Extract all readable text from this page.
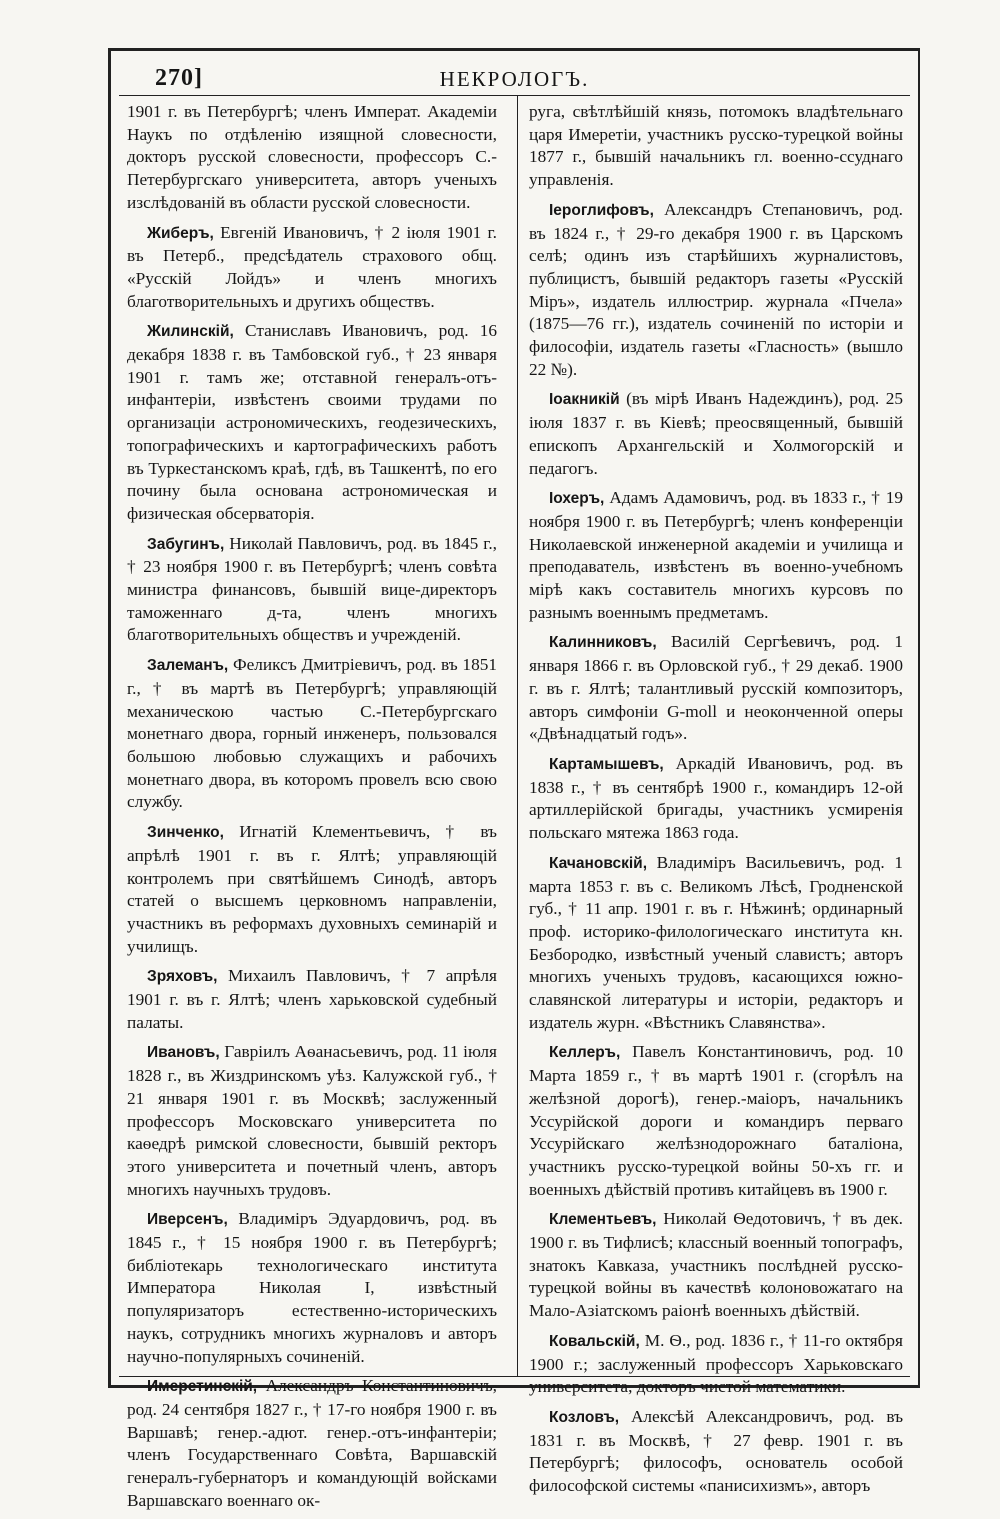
270]	НЕКРОЛОГЪ.

1901 г. въ Петербургѣ; членъ Императ. Академіи Наукъ по отдѣленію изящной словесности, докторъ русской словесности, профессоръ С.-Петербургскаго университета, авторъ ученыхъ изслѣдованій въ области русской словесности.

Жиберъ, Евгеній Ивановичъ, † 2 іюля 1901 г. въ Петерб., предсѣдатель страхового общ. «Русскій Лойдъ» и членъ многихъ благотворительныхъ и другихъ обществъ.

Жилинскій, Станиславъ Ивановичъ, род. 16 декабря 1838 г. въ Тамбовской губ., † 23 января 1901 г. тамъ же; отставной генералъ-отъ-инфантеріи, извѣстенъ своими трудами по организаціи астрономическихъ, геодезическихъ, топографическихъ и картографическихъ работъ въ Туркестанскомъ краѣ, гдѣ, въ Ташкентѣ, по его почину была основана астрономическая и физическая обсерваторія.

Забугинъ, Николай Павловичъ, род. въ 1845 г., † 23 ноября 1900 г. въ Петербургѣ; членъ совѣта министра финансовъ, бывшій вице-директоръ таможеннаго д-та, членъ многихъ благотворительныхъ обществъ и учрежденій.

Залеманъ, Феликсъ Дмитріевичъ, род. въ 1851 г., † въ мартѣ въ Петербургѣ; управляющій механическою частью С.-Петербургскаго монетнаго двора, горный инженеръ, пользовался большою любовью служащихъ и рабочихъ монетнаго двора, въ которомъ провелъ всю свою службу.

Зинченко, Игнатій Клементьевичъ, † въ апрѣлѣ 1901 г. въ г. Ялтѣ; управляющій контролемъ при святѣйшемъ Синодѣ, авторъ статей о высшемъ церковномъ направленіи, участникъ въ реформахъ духовныхъ семинарій и училищъ.

Зряховъ, Михаилъ Павловичъ, † 7 апрѣля 1901 г. въ г. Ялтѣ; членъ харьковской судебный палаты.

Ивановъ, Гавріилъ Аѳанасьевичъ, род. 11 іюля 1828 г., въ Жиздринскомъ уѣз. Калужской губ., † 21 января 1901 г. въ Москвѣ; заслуженный профессоръ Московскаго университета по каѳедрѣ римской словесности, бывшій ректоръ этого университета и почетный членъ, авторъ многихъ научныхъ трудовъ.

Иверсенъ, Владиміръ Эдуардовичъ, род. въ 1845 г., † 15 ноября 1900 г. въ Петербургѣ; библіотекарь технологическаго института Императора Николая I, извѣстный популяризаторъ естественно-историческихъ наукъ, сотрудникъ многихъ журналовъ и авторъ научно-популярныхъ сочиненій.

Имеретинскій, Александръ Константиновичъ, род. 24 сентября 1827 г., † 17-го ноября 1900 г. въ Варшавѣ; генер.-адют. генер.-отъ-инфантеріи; членъ Государственнаго Совѣта, Варшавскій генералъ-губернаторъ и командующій войсками Варшавскаго военнаго ок-

руга, свѣтлѣйшій князь, потомокъ владѣтельнаго царя Имеретіи, участникъ русско-турецкой войны 1877 г., бывшій начальникъ гл. военно-ссуднаго управленія.

Іероглифовъ, Александръ Степановичъ, род. въ 1824 г., † 29-го декабря 1900 г. въ Царскомъ селѣ; одинъ изъ старѣйшихъ журналистовъ, публицистъ, бывшій редакторъ газеты «Русскій Міръ», издатель иллюстрир. журнала «Пчела» (1875—76 гг.), издатель сочиненій по исторіи и философіи, издатель газеты «Гласность» (вышло 22 №).

Іоакникій (въ мірѣ Иванъ Надеждинъ), род. 25 іюля 1837 г. въ Кіевѣ; преосвященный, бывшій епископъ Архангельскій и Холмогорскій и педагогъ.

Іохеръ, Адамъ Адамовичъ, род. въ 1833 г., † 19 ноября 1900 г. въ Петербургѣ; членъ конференціи Николаевской инженерной академіи и училища и преподаватель, извѣстенъ въ военно-учебномъ мірѣ какъ составитель многихъ курсовъ по разнымъ военнымъ предметамъ.

Калинниковъ, Василій Сергѣевичъ, род. 1 января 1866 г. въ Орловской губ., † 29 декаб. 1900 г. въ г. Ялтѣ; талантливый русскій композиторъ, авторъ симфоніи G-moll и неоконченной оперы «Двѣнадцатый годъ».

Картамышевъ, Аркадій Ивановичъ, род. въ 1838 г., † въ сентябрѣ 1900 г., командиръ 12-ой артиллерійской бригады, участникъ усмиренія польскаго мятежа 1863 года.

Качановскій, Владиміръ Васильевичъ, род. 1 марта 1853 г. въ с. Великомъ Лѣсѣ, Гродненской губ., † 11 апр. 1901 г. въ г. Нѣжинѣ; ординарный проф. историко-филологическаго института кн. Безбородко, извѣстный ученый славистъ; авторъ многихъ ученыхъ трудовъ, касающихся южно-славянской литературы и исторіи, редакторъ и издатель журн. «Вѣстникъ Славянства».

Келлеръ, Павелъ Константиновичъ, род. 10 Марта 1859 г., † въ мартѣ 1901 г. (сгорѣлъ на желѣзной дорогѣ), генер.-маіоръ, начальникъ Уссурійской дороги и командиръ перваго Уссурійскаго желѣзнодорожнаго баталіона, участникъ русско-турецкой войны 50-хъ гг. и военныхъ дѣйствій противъ китайцевъ въ 1900 г.

Клементьевъ, Николай Ѳедотовичъ, † въ дек. 1900 г. въ Тифлисѣ; классный военный топографъ, знатокъ Кавказа, участникъ послѣдней русско-турецкой войны въ качествѣ колоновожатаго на Мало-Азіатскомъ раіонѣ военныхъ дѣйствій.

Ковальскій, М. Ѳ., род. 1836 г., † 11-го октября 1900 г.; заслуженный профессоръ Харьковскаго университета, докторъ чистой математики.

Козловъ, Алексѣй Александровичъ, род. въ 1831 г. въ Москвѣ, † 27 февр. 1901 г. въ Петербургѣ; философъ, основатель особой философской системы «панисихизмъ», авторъ
